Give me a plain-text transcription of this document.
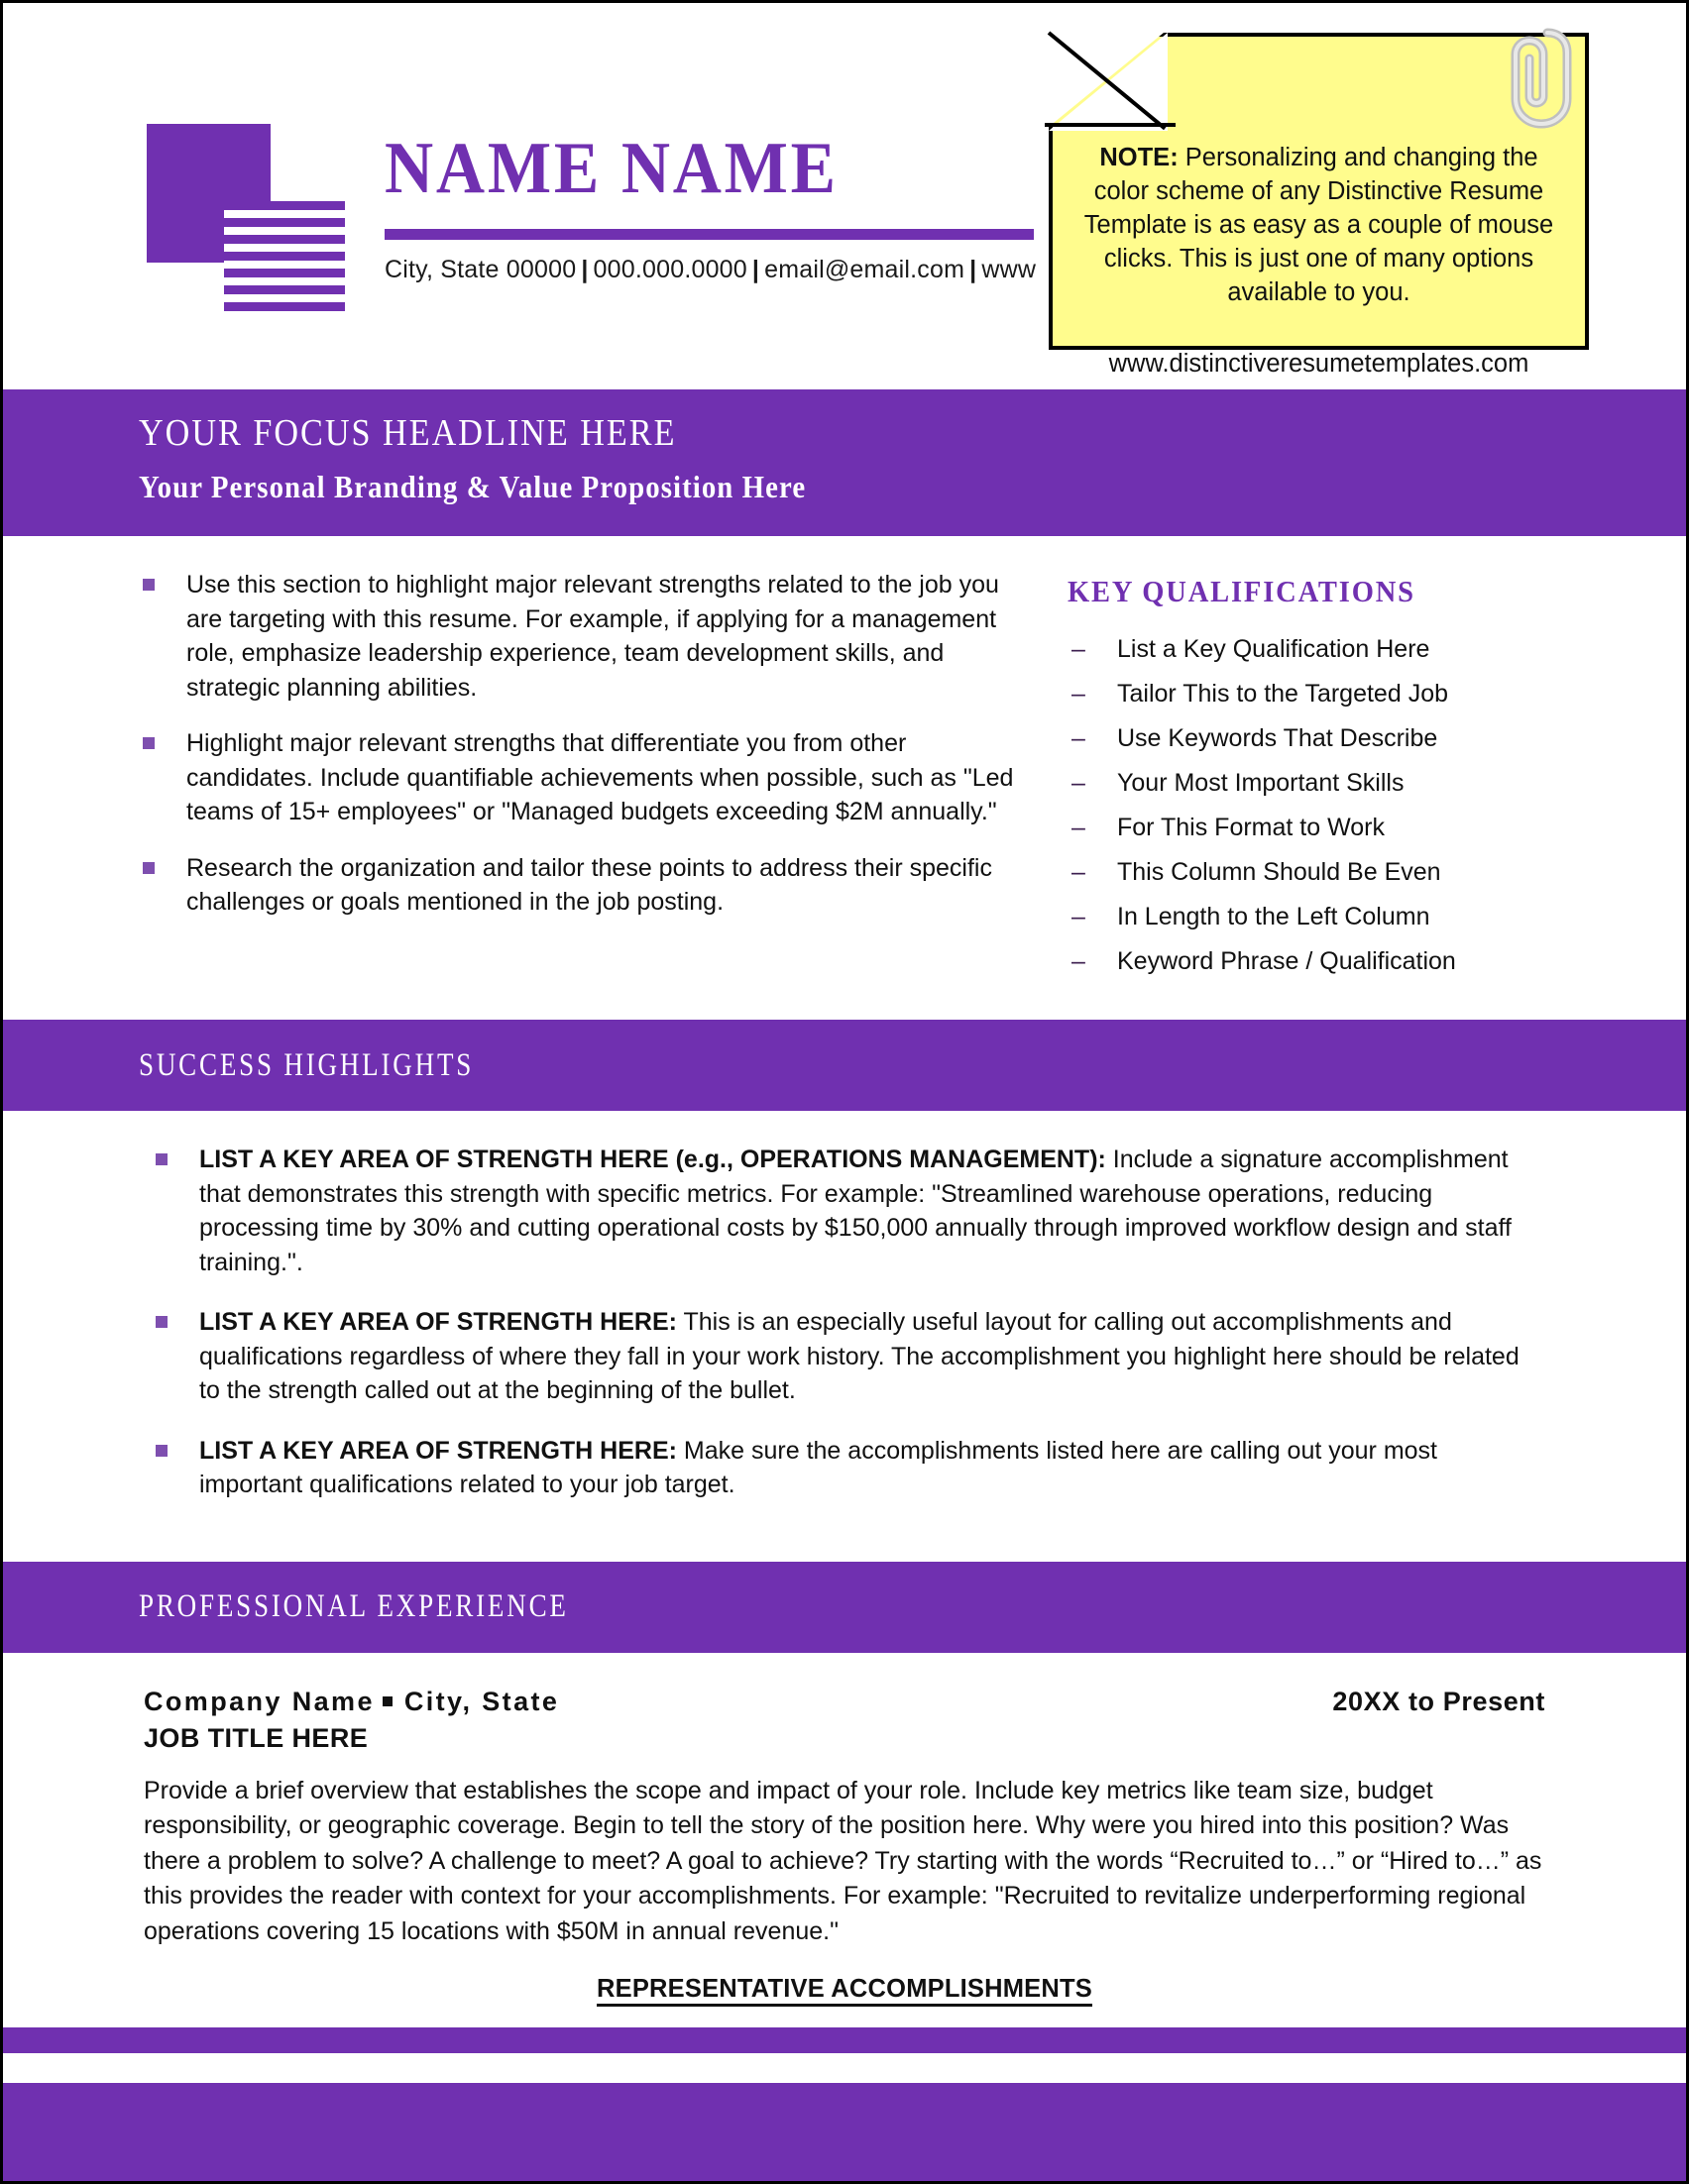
NAME NAME
City, State 00000 | 000.000.0000 | email@email.com | www
NOTE: Personalizing and changing the color scheme of any Distinctive Resume Template is as easy as a couple of mouse clicks. This is just one of many options available to you.
www.distinctiveresumetemplates.com
YOUR FOCUS HEADLINE HERE
Your Personal Branding & Value Proposition Here
Use this section to highlight major relevant strengths related to the job you are targeting with this resume. For example, if applying for a management role, emphasize leadership experience, team development skills, and strategic planning abilities.
Highlight major relevant strengths that differentiate you from other candidates. Include quantifiable achievements when possible, such as "Led teams of 15+ employees" or "Managed budgets exceeding $2M annually."
Research the organization and tailor these points to address their specific challenges or goals mentioned in the job posting.
KEY QUALIFICATIONS
– List a Key Qualification Here
– Tailor This to the Targeted Job
– Use Keywords That Describe
– Your Most Important Skills
– For This Format to Work
– This Column Should Be Even
– In Length to the Left Column
– Keyword Phrase / Qualification
SUCCESS HIGHLIGHTS
LIST A KEY AREA OF STRENGTH HERE (e.g., OPERATIONS MANAGEMENT): Include a signature accomplishment that demonstrates this strength with specific metrics. For example: "Streamlined warehouse operations, reducing processing time by 30% and cutting operational costs by $150,000 annually through improved workflow design and staff training.".
LIST A KEY AREA OF STRENGTH HERE: This is an especially useful layout for calling out accomplishments and qualifications regardless of where they fall in your work history. The accomplishment you highlight here should be related to the strength called out at the beginning of the bullet.
LIST A KEY AREA OF STRENGTH HERE: Make sure the accomplishments listed here are calling out your most important qualifications related to your job target.
PROFESSIONAL EXPERIENCE
Company Name City, State	20XX to Present
JOB TITLE HERE
Provide a brief overview that establishes the scope and impact of your role. Include key metrics like team size, budget responsibility, or geographic coverage. Begin to tell the story of the position here. Why were you hired into this position? Was there a problem to solve? A challenge to meet? A goal to achieve? Try starting with the words “Recruited to…” or “Hired to…” as this provides the reader with context for your accomplishments. For example: "Recruited to revitalize underperforming regional operations covering 15 locations with $50M in annual revenue."
REPRESENTATIVE ACCOMPLISHMENTS
